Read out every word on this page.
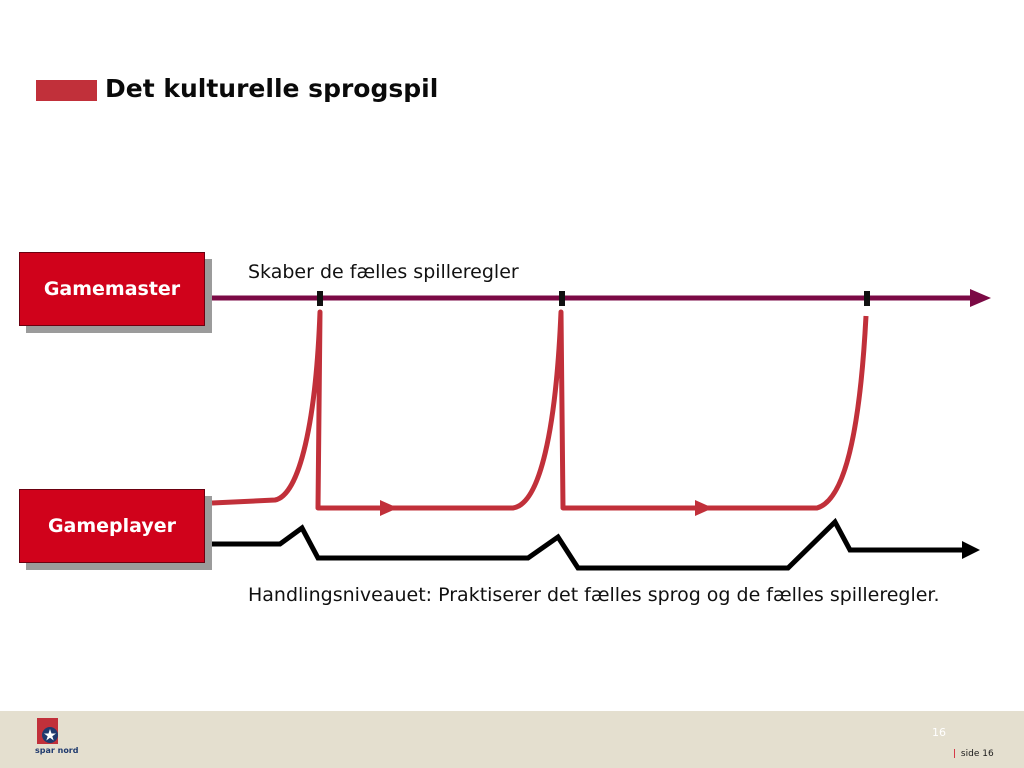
Det kulturelle sprogspil
Gamemaster
Gameplayer
Skaber de fælles spilleregler
Handlingsniveauet: Praktiserer det fælles sprog og de fælles spilleregler.
spar nord
16
| side 16
